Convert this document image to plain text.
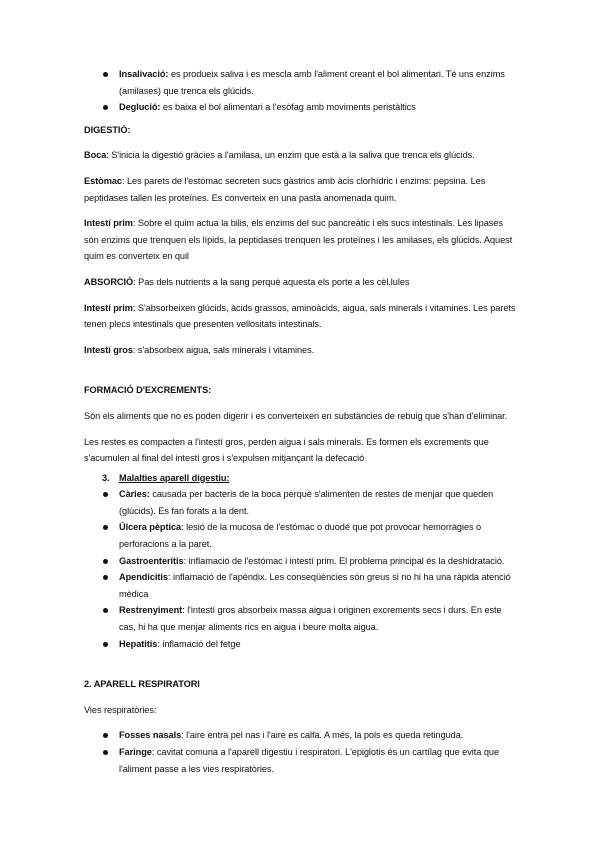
Insalivació: es produeix saliva i es mescla amb l'aliment creant el bol alimentari. Té uns enzims (amilases) que trenca els glúcids.
Deglució: es baixa el bol alimentari a l'esòfag amb moviments peristàltics

DIGESTIÓ:

Boca: S'inicia la digestió gràcies a l'amilasa, un enzim que està a la saliva que trenca els glúcids.

Estòmac: Les parets de l'estómac secreten sucs gàstrics amb àcis clorhídric i enzims: pepsina. Les peptidases tallen les proteïnes. Es converteix en una pasta anomenada quim.

Intestí prim: Sobre el quim actua la bilis, els enzims del suc pancreàtic i els sucs intestinals. Les lipases són enzims que trenquen els lípids, la peptidases trenquen les proteïnes i les amilases, els glúcids. Aquest quim es converteix en quil

ABSORCIÓ: Pas dels nutrients a la sang perquè aquesta els porte a les cèl.lules

Intestí prim: S'absorbeixen glúcids, àcids grassos, aminoàcids, aigua, sals minerals i vitamines. Les parets tenen plecs intestinals que presenten vellositats intestinals.

Intestí gros: s'absorbeix aigua, sals minerals i vitamines.

FORMACIÓ D'EXCREMENTS:

Són els aliments que no es poden digerir i es converteixen en substàncies de rebuig que s'han d'eliminar.

Les restes es compacten a l'intestí gros, perden aigua i sals minerals. Es formen els excrements que s'acumulen al final del intestí gros i s'expulsen mitjançant la defecació

3. Malalties aparell digestiu:
Càries: causada per bacteris de la boca perquè s'alimenten de restes de menjar que queden (glúcids). Es fan forats a la dent.
Úlcera pèptica: lesió de la mucosa de l'estómac o duodé que pot provocar hemorràgies o perforacions a la paret.
Gastroenteritis: inflamació de l'estómac i intestí prim. El problema principal és la deshidratació.
Apendicitis: inflamació de l'apèndix. Les conseqüències són greus si no hi ha una ràpida atenció mèdica
Restrenyiment: l'intestí gros absorbeix massa aigua i originen excrements secs i durs. En este cas, hi ha que menjar aliments rics en aigua i beure molta aigua.
Hepatitis: inflamació del fetge

2. APARELL RESPIRATORI

Vies respiratòries:

Fosses nasals: l'aire entra pel nas i l'aire es calfa. A més, la pols es queda retinguda.
Faringe: cavitat comuna a l'aparell digestiu i respiratori. L'epiglotis és un cartílag que evita que l'aliment passe a les vies respiratòries.
